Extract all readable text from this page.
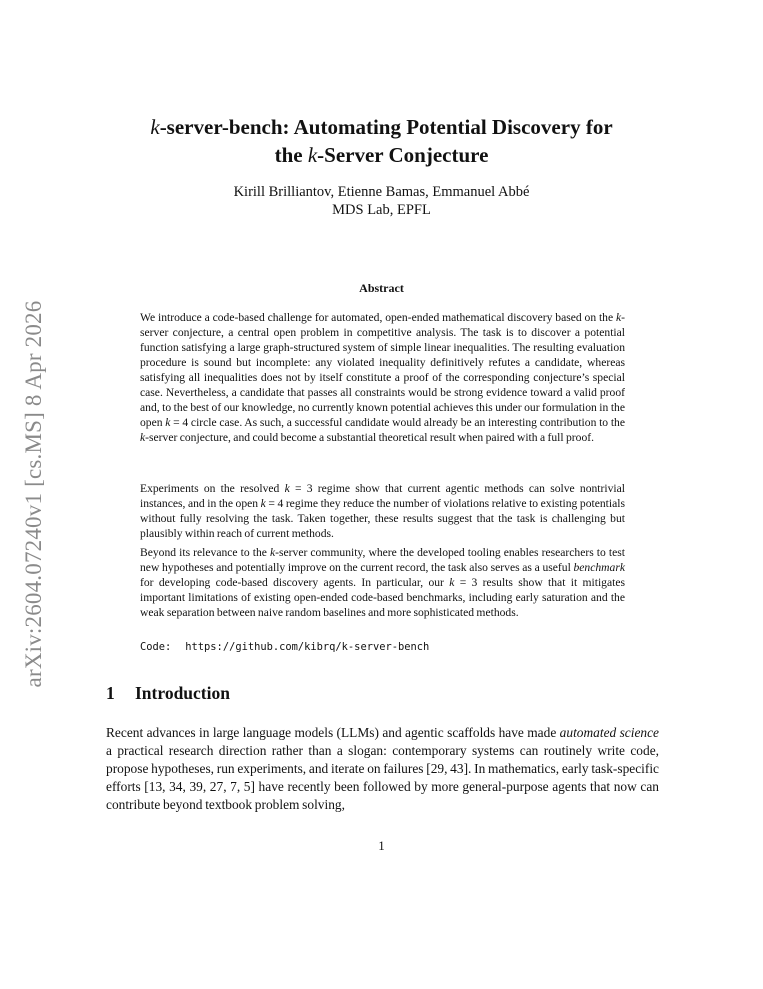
arXiv:2604.07240v1 [cs.MS] 8 Apr 2026
k-server-bench: Automating Potential Discovery for
the k-Server Conjecture
Kirill Brilliantov, Etienne Bamas, Emmanuel Abbé
MDS Lab, EPFL
Abstract

We introduce a code-based challenge for automated, open-ended mathematical discovery based on the k-server conjecture, a central open problem in competitive analysis. The task is to discover a potential function satisfying a large graph-structured system of simple linear inequalities. The resulting evaluation procedure is sound but incomplete: any violated inequality definitively refutes a candidate, whereas satisfying all inequalities does not by itself constitute a proof of the corresponding conjecture’s special case. Nevertheless, a candidate that passes all constraints would be strong evidence toward a valid proof and, to the best of our knowledge, no currently known potential achieves this under our formulation in the open k = 4 circle case. As such, a successful candidate would already be an interesting contribution to the k-server conjecture, and could become a substantial theoretical result when paired with a full proof.

Experiments on the resolved k = 3 regime show that current agentic methods can solve nontrivial instances, and in the open k = 4 regime they reduce the number of violations relative to existing potentials without fully resolving the task. Taken together, these results suggest that the task is challenging but plausibly within reach of current methods.

Beyond its relevance to the k-server community, where the developed tooling enables researchers to test new hypotheses and potentially improve on the current record, the task also serves as a useful benchmark for developing code-based discovery agents. In particular, our k = 3 results show that it mitigates important limitations of existing open-ended code-based benchmarks, including early saturation and the weak separation between naive random baselines and more sophisticated methods.

Code: https://github.com/kibrq/k-server-bench
1 Introduction

Recent advances in large language models (LLMs) and agentic scaffolds have made automated science a practical research direction rather than a slogan: contemporary systems can routinely write code, propose hypotheses, run experiments, and iterate on failures [29, 43]. In mathematics, early task-specific efforts [13, 34, 39, 27, 7, 5] have recently been followed by more general-purpose agents that now can contribute beyond textbook problem solving,

1
